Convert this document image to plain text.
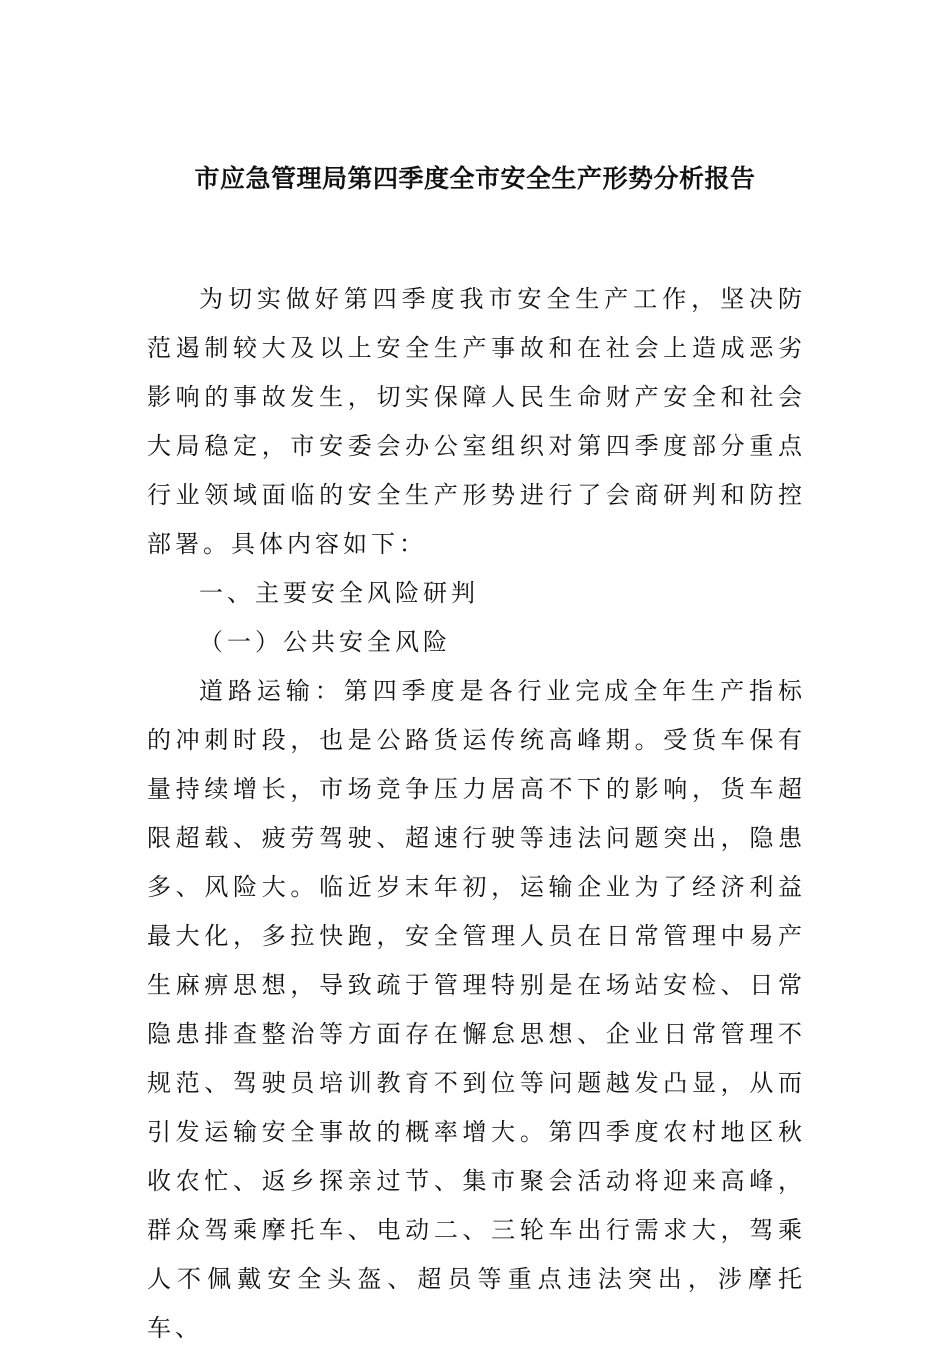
市应急管理局第四季度全市安全生产形势分析报告

为切实做好第四季度我市安全生产工作，坚决防范遏制较大及以上安全生产事故和在社会上造成恶劣影响的事故发生，切实保障人民生命财产安全和社会大局稳定，市安委会办公室组织对第四季度部分重点行业领域面临的安全生产形势进行了会商研判和防控部署。具体内容如下：

一、主要安全风险研判

（一）公共安全风险

道路运输：第四季度是各行业完成全年生产指标的冲刺时段，也是公路货运传统高峰期。受货车保有量持续增长，市场竞争压力居高不下的影响，货车超限超载、疲劳驾驶、超速行驶等违法问题突出，隐患多、风险大。临近岁末年初，运输企业为了经济利益最大化，多拉快跑，安全管理人员在日常管理中易产生麻痹思想，导致疏于管理特别是在场站安检、日常隐患排查整治等方面存在懈怠思想、企业日常管理不规范、驾驶员培训教育不到位等问题越发凸显，从而引发运输安全事故的概率增大。第四季度农村地区秋收农忙、返乡探亲过节、集市聚会活动将迎来高峰，群众驾乘摩托车、电动二、三轮车出行需求大，驾乘人不佩戴安全头盔、超员等重点违法突出，涉摩托车、
